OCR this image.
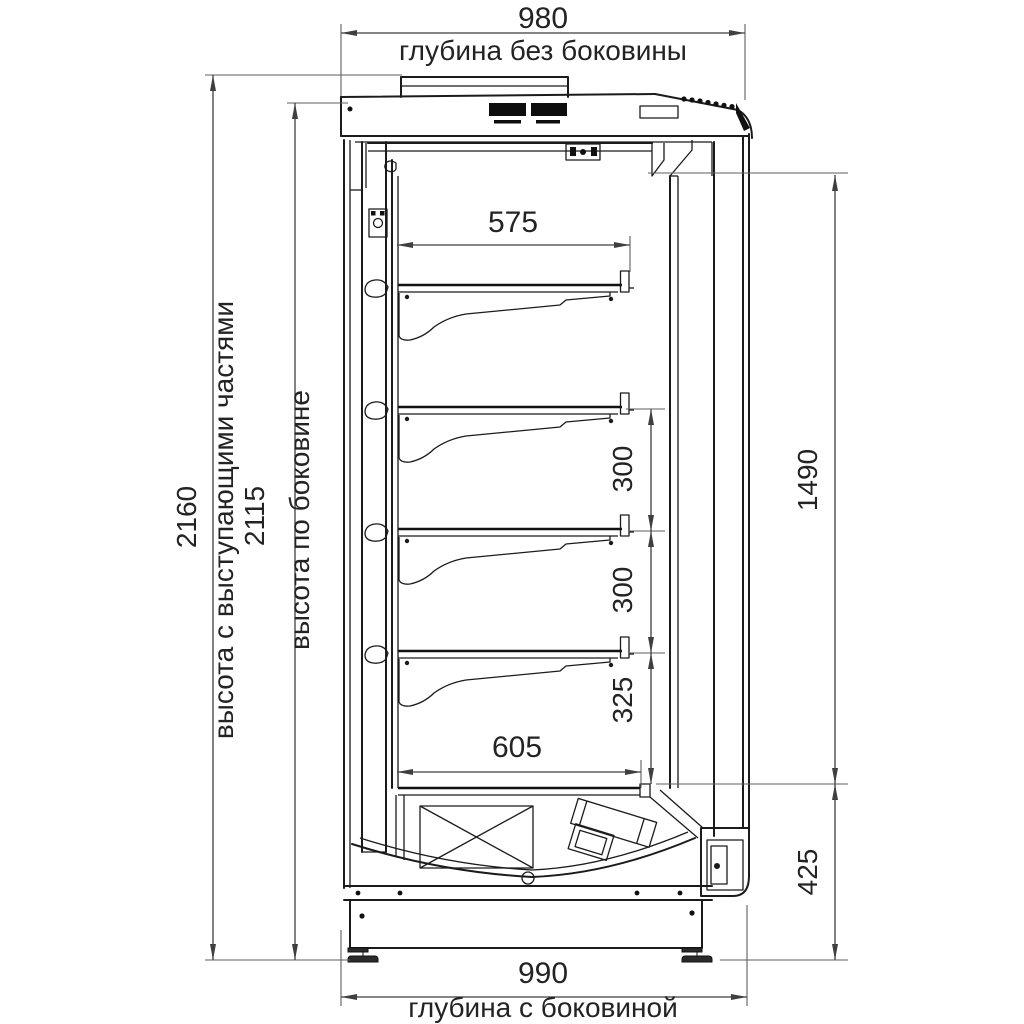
980
глубина без боковины
2160 высота с выступающими частями 2115 высота по боковине
575
605
300
300
325
1490
425
990
глубина с боковиной
